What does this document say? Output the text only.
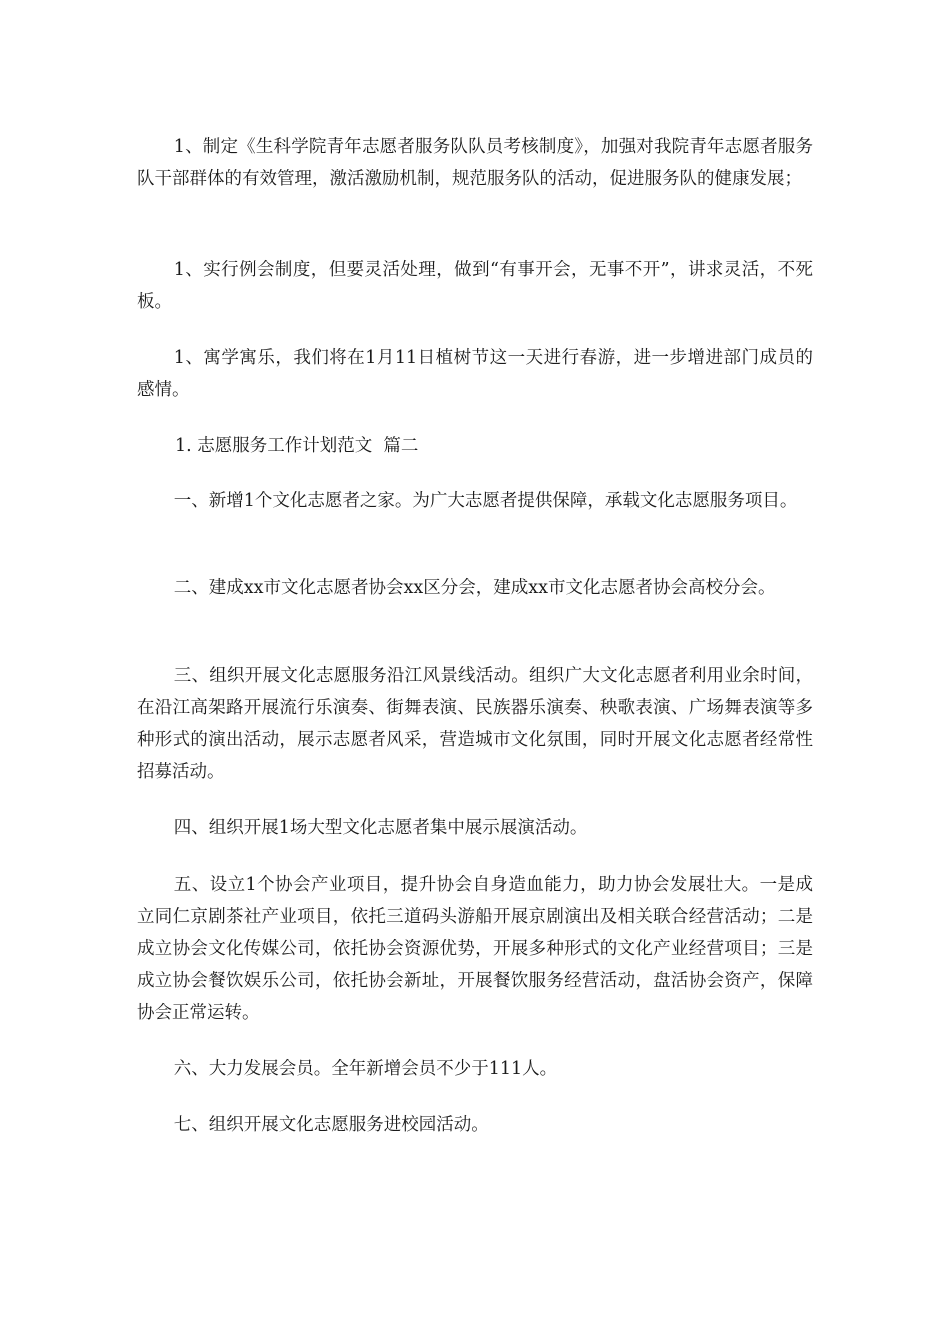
1、制定《生科学院青年志愿者服务队队员考核制度》，加强对我院青年志愿者服务队干部群体的有效管理，激活激励机制，规范服务队的活动，促进服务队的健康发展；

1、实行例会制度，但要灵活处理，做到“有事开会，无事不开”，讲求灵活，不死板。

1、寓学寓乐，我们将在1月11日植树节这一天进行春游，进一步增进部门成员的感情。

1. 志愿服务工作计划范文  篇二

一、新增1个文化志愿者之家。为广大志愿者提供保障，承载文化志愿服务项目。

二、建成xx市文化志愿者协会xx区分会，建成xx市文化志愿者协会高校分会。

三、组织开展文化志愿服务沿江风景线活动。组织广大文化志愿者利用业余时间，在沿江高架路开展流行乐演奏、街舞表演、民族器乐演奏、秧歌表演、广场舞表演等多种形式的演出活动，展示志愿者风采，营造城市文化氛围，同时开展文化志愿者经常性招募活动。

四、组织开展1场大型文化志愿者集中展示展演活动。

五、设立1个协会产业项目，提升协会自身造血能力，助力协会发展壮大。一是成立同仁京剧茶社产业项目，依托三道码头游船开展京剧演出及相关联合经营活动；二是成立协会文化传媒公司，依托协会资源优势，开展多种形式的文化产业经营项目；三是成立协会餐饮娱乐公司，依托协会新址，开展餐饮服务经营活动，盘活协会资产，保障协会正常运转。

六、大力发展会员。全年新增会员不少于111人。

七、组织开展文化志愿服务进校园活动。
